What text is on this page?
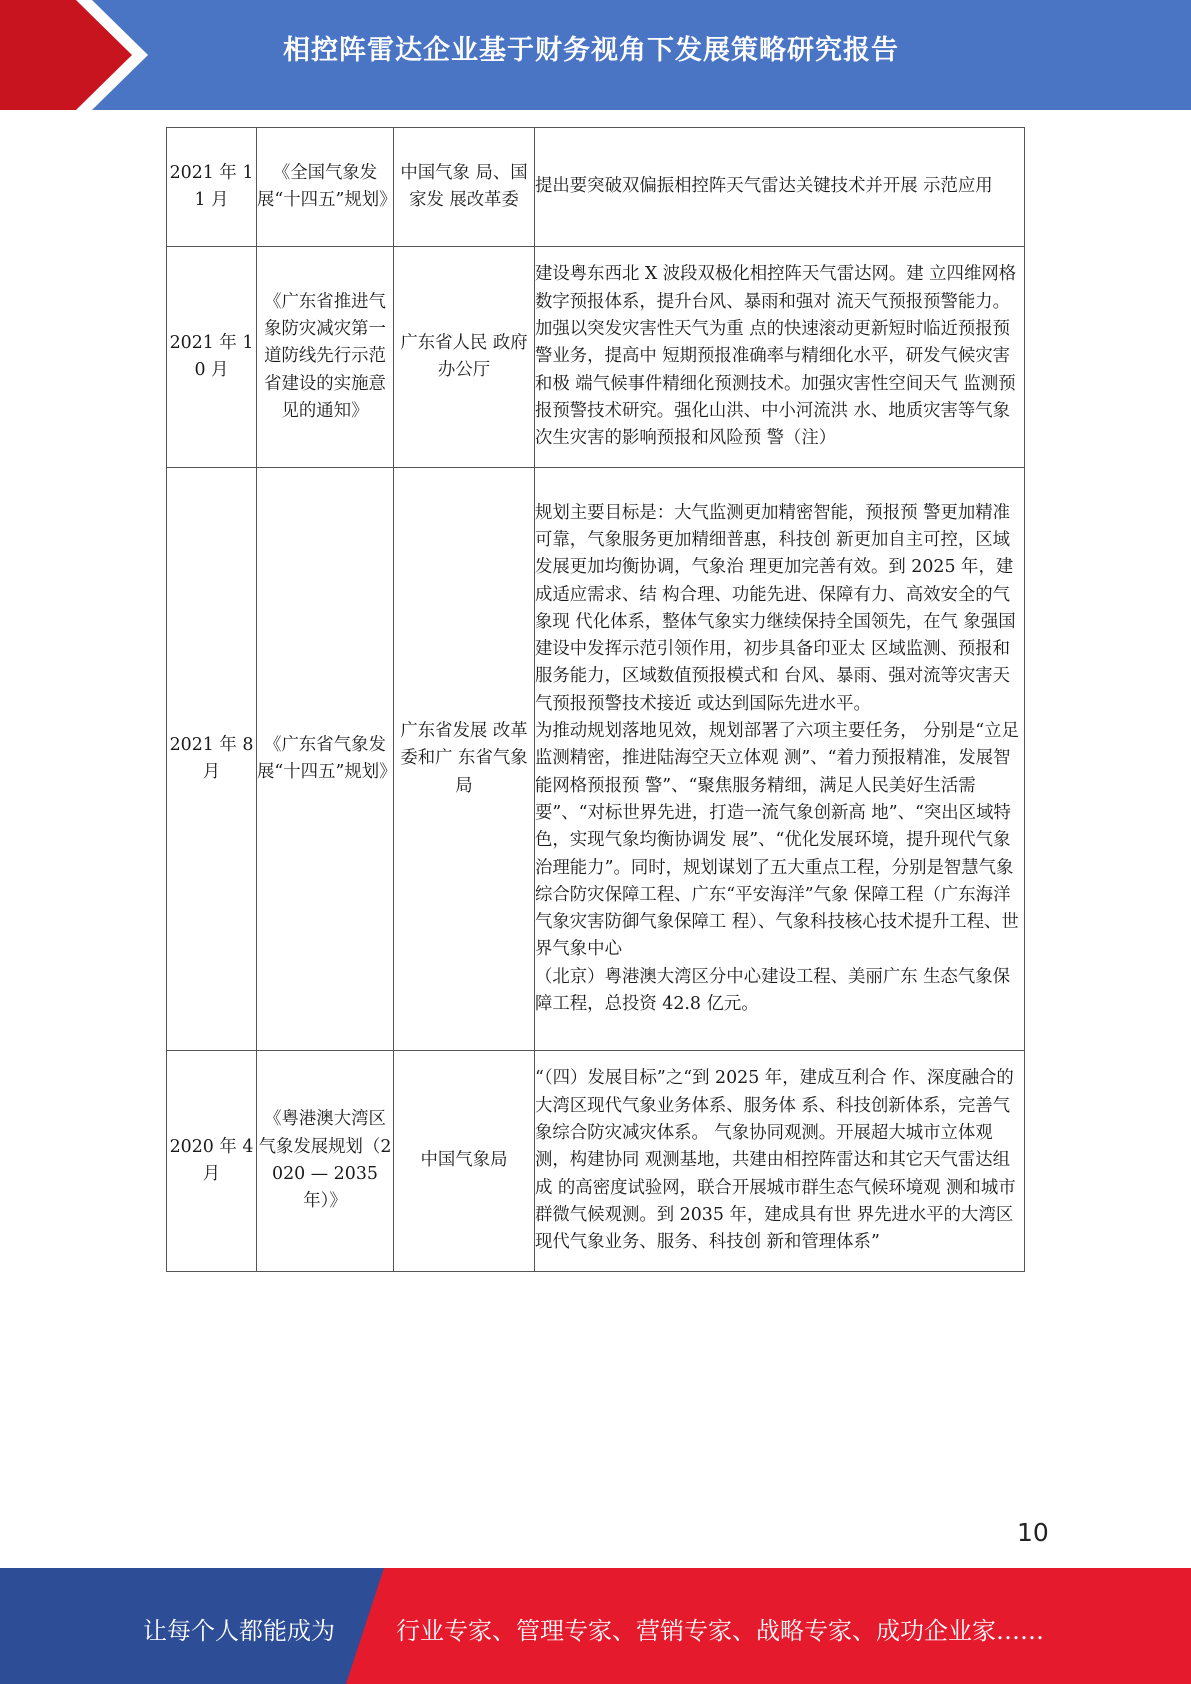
相控阵雷达企业基于财务视角下发展策略研究报告
2021 年 11 月	《全国气象发展“十四五”规划》	中国气象 局、国家发 展改革委	提出要突破双偏振相控阵天气雷达关键技术并开展 示范应用

2021 年 10 月	《广东省推进气象防灾减灾第一道防线先行示范省建设的实施意见的通知》	广东省人民 政府办公厅	建设粤东西北 X 波段双极化相控阵天气雷达网。建 立四维网格数字预报体系，提升台风、暴雨和强对 流天气预报预警能力。加强以突发灾害性天气为重 点的快速滚动更新短时临近预报预警业务，提高中 短期预报准确率与精细化水平，研发气候灾害和极 端气候事件精细化预测技术。加强灾害性空间天气 监测预报预警技术研究。强化山洪、中小河流洪 水、地质灾害等气象次生灾害的影响预报和风险预 警（注）

2021 年 8 月	《广东省气象发展“十四五”规划》	广东省发展 改革委和广 东省气象局	规划主要目标是：大气监测更加精密智能，预报预 警更加精准可靠，气象服务更加精细普惠，科技创 新更加自主可控，区域发展更加均衡协调，气象治 理更加完善有效。到 2025 年，建成适应需求、结 构合理、功能先进、保障有力、高效安全的气象现 代化体系，整体气象实力继续保持全国领先，在气 象强国建设中发挥示范引领作用，初步具备印亚太 区域监测、预报和服务能力，区域数值预报模式和 台风、暴雨、强对流等灾害天气预报预警技术接近 或达到国际先进水平。

为推动规划落地见效，规划部署了六项主要任务， 分别是“立足监测精密，推进陆海空天立体观 测”、“着力预报精准，发展智能网格预报预 警”、“聚焦服务精细，满足人民美好生活需 要”、“对标世界先进，打造一流气象创新高 地”、“突出区域特色，实现气象均衡协调发 展”、“优化发展环境，提升现代气象治理能力”。同时，规划谋划了五大重点工程，分别是智慧气象综合防灾保障工程、广东“平安海洋”气象 保障工程（广东海洋气象灾害防御气象保障工 程）、气象科技核心技术提升工程、世界气象中心

（北京）粤港澳大湾区分中心建设工程、美丽广东 生态气象保障工程，总投资 42.8 亿元。

2020 年 4 月	《粤港澳大湾区气象发展规划（2020 — 2035 年）》	中国气象局	“（四）发展目标”之“到 2025 年，建成互利合 作、深度融合的大湾区现代气象业务体系、服务体 系、科技创新体系，完善气象综合防灾减灾体系。 气象协同观测。开展超大城市立体观测，构建协同 观测基地，共建由相控阵雷达和其它天气雷达组成 的高密度试验网，联合开展城市群生态气候环境观 测和城市群微气候观测。到 2035 年，建成具有世 界先进水平的大湾区现代气象业务、服务、科技创 新和管理体系”

10
让每个人都能成为	行业专家、管理专家、营销专家、战略专家、成功企业家……
